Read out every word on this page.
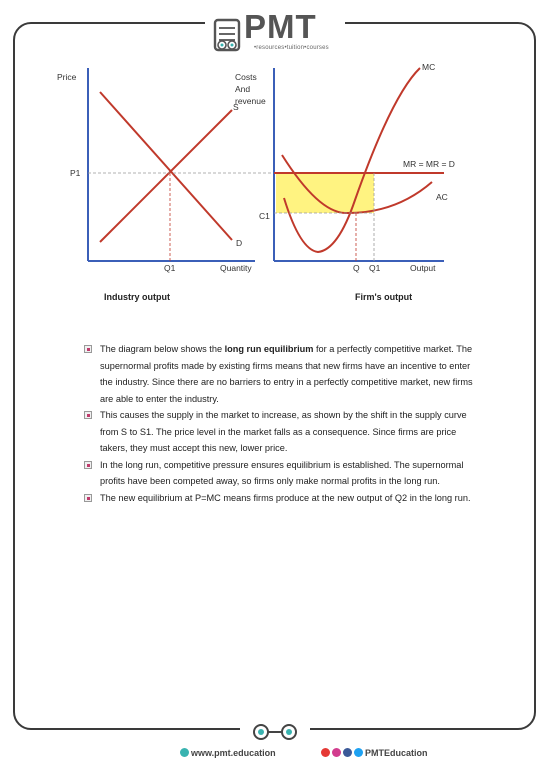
PMT
•resources•tuition•courses
Price
P1
Q1	Quantity
S
D
Costs
And
revenue
MC
MR = MR = D
AC
C1
Q Q1	Output
Industry output	Firm's output
The diagram below shows the long run equilibrium for a perfectly competitive market. The supernormal profits made by existing firms means that new firms have an incentive to enter the industry. Since there are no barriers to entry in a perfectly competitive market, new firms are able to enter the industry.
This causes the supply in the market to increase, as shown by the shift in the supply curve from S to S1. The price level in the market falls as a consequence. Since firms are price takers, they must accept this new, lower price.
In the long run, competitive pressure ensures equilibrium is established. The supernormal profits have been competed away, so firms only make normal profits in the long run.
The new equilibrium at P=MC means firms produce at the new output of Q2 in the long run.
www.pmt.education	PMTEducation
